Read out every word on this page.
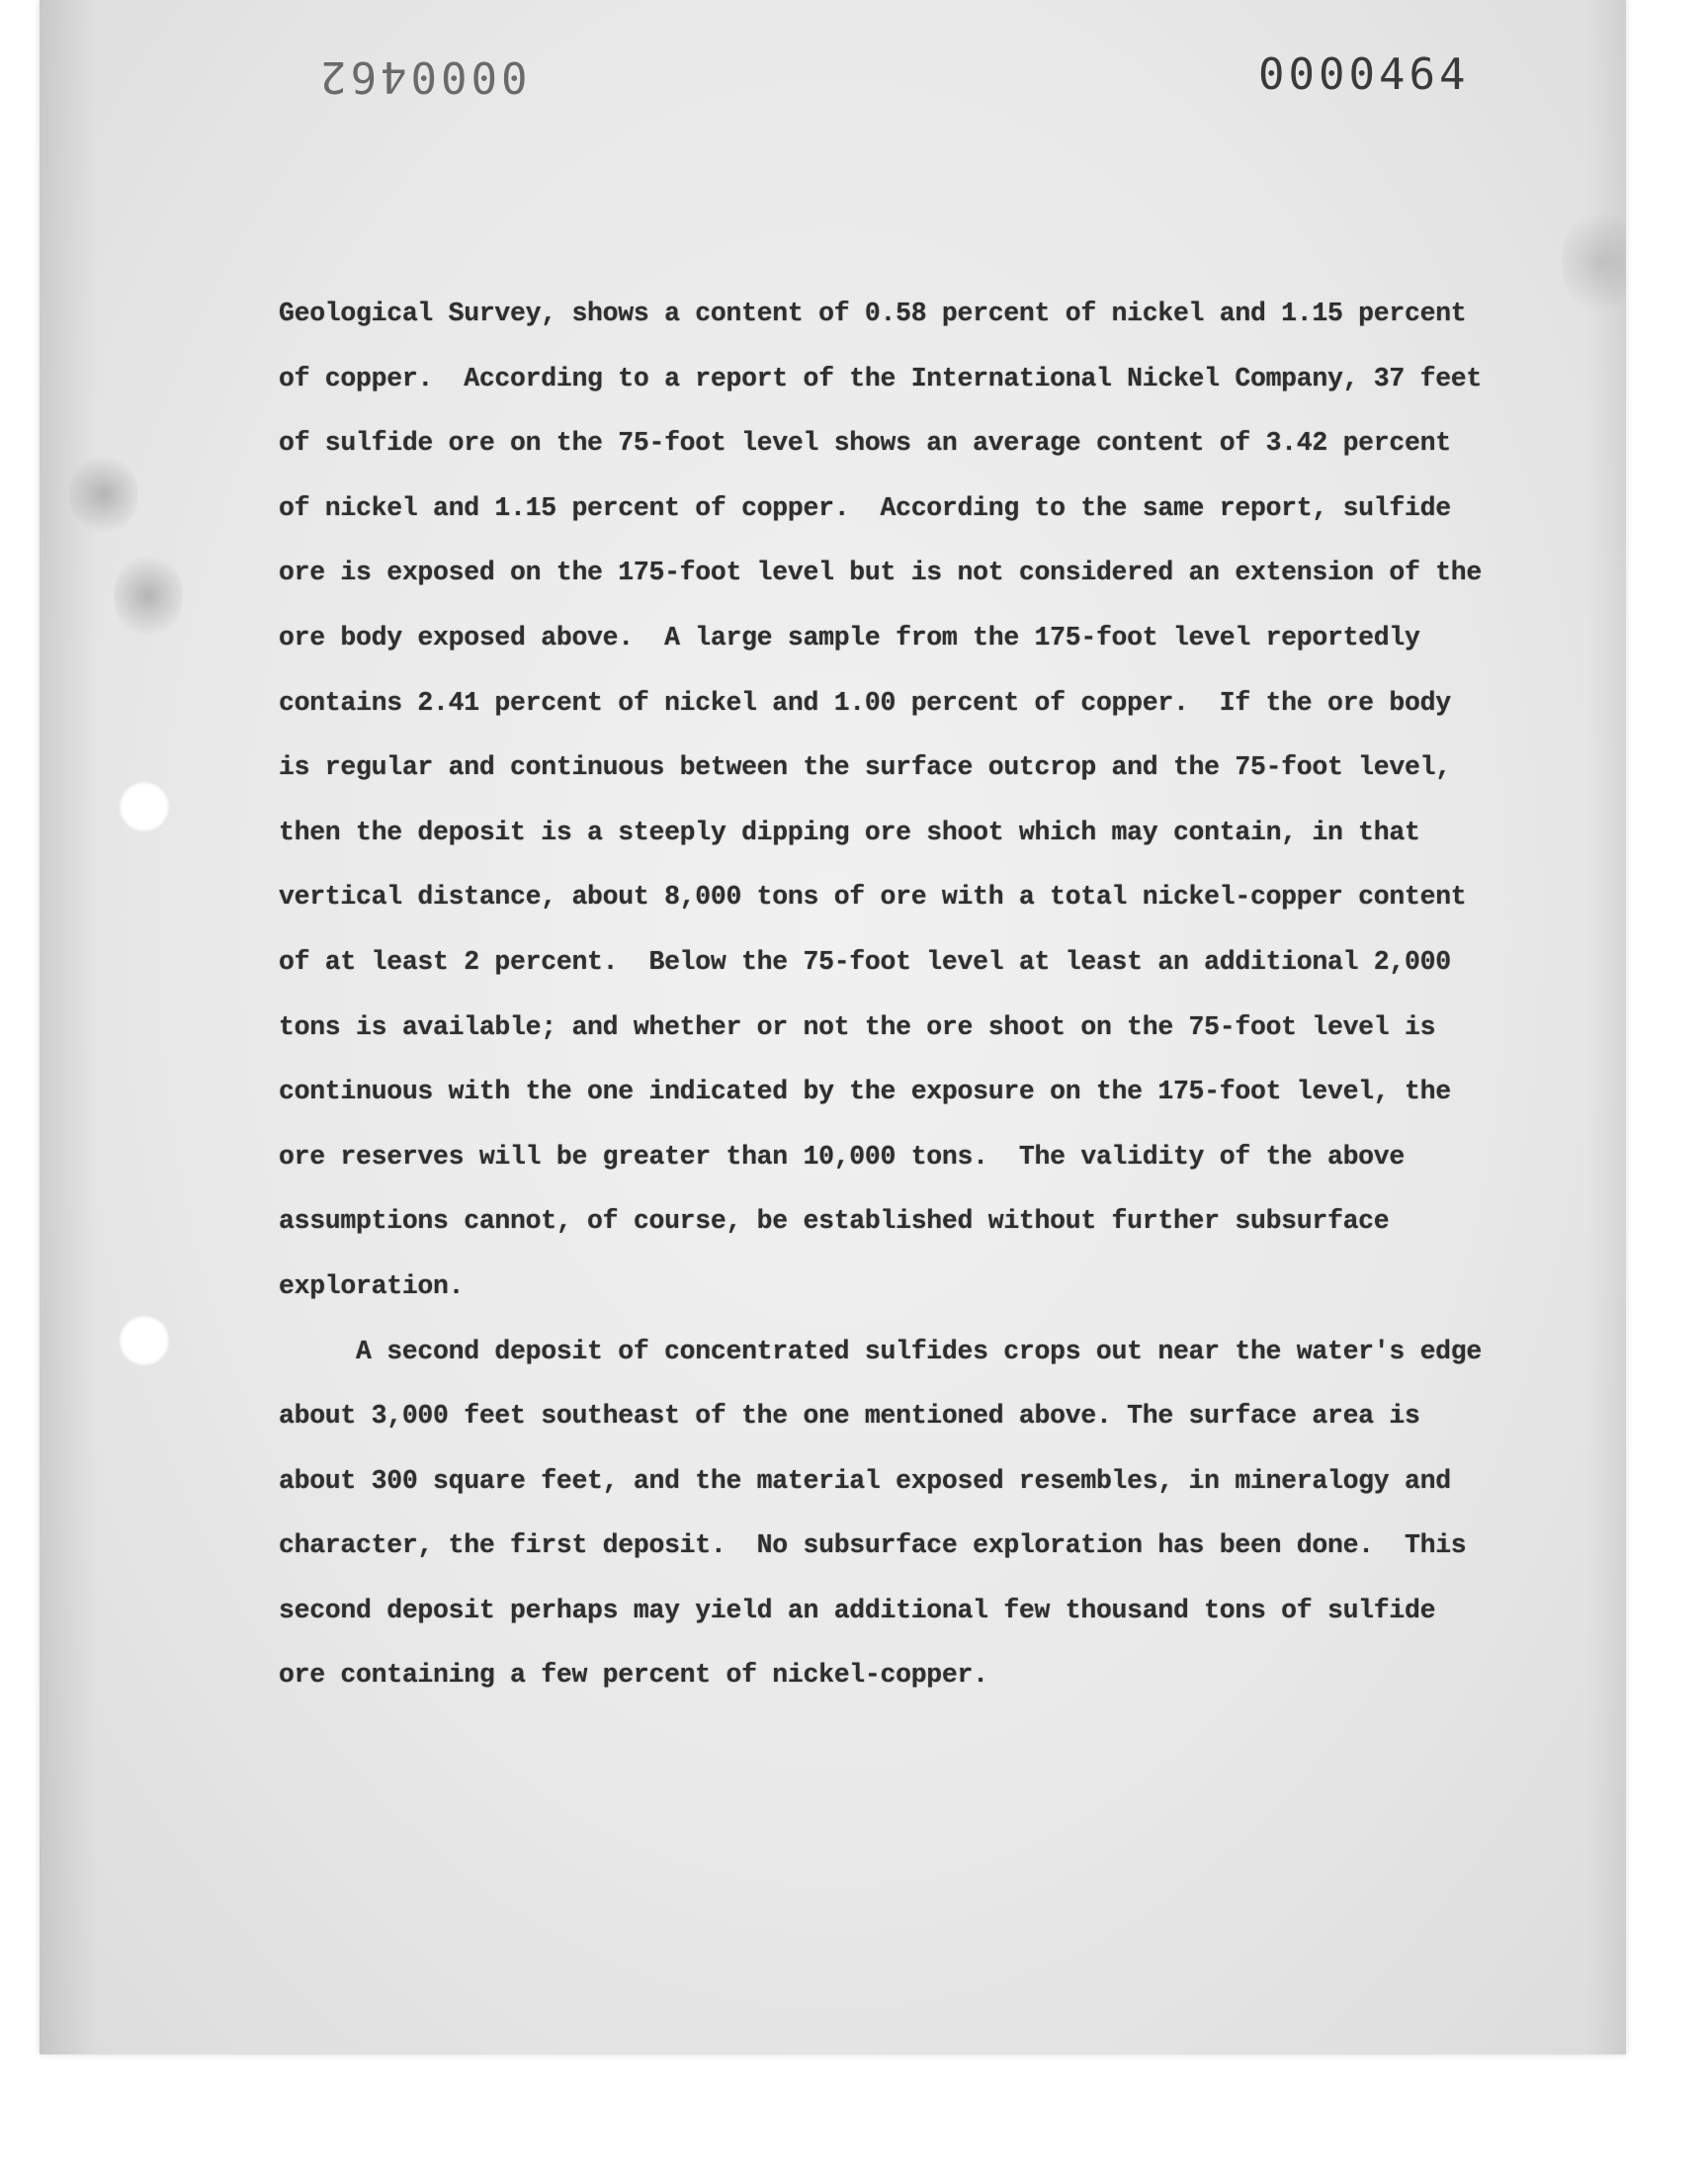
0000462	0000464

Geological Survey, shows a content of 0.58 percent of nickel and 1.15 percent of copper.  According to a report of the International Nickel Company, 37 feet of sulfide ore on the 75-foot level shows an average content of 3.42 percent of nickel and 1.15 percent of copper.  According to the same report, sulfide ore is exposed on the 175-foot level but is not considered an extension of the ore body exposed above.  A large sample from the 175-foot level reportedly contains 2.41 percent of nickel and 1.00 percent of copper.  If the ore body is regular and continuous between the surface outcrop and the 75-foot level, then the deposit is a steeply dipping ore shoot which may contain, in that vertical distance, about 8,000 tons of ore with a total nickel-copper content of at least 2 percent.  Below the 75-foot level at least an additional 2,000 tons is available; and whether or not the ore shoot on the 75-foot level is continuous with the one indicated by the exposure on the 175-foot level, the ore reserves will be greater than 10,000 tons.  The validity of the above assumptions cannot, of course, be established without further subsurface exploration.

A second deposit of concentrated sulfides crops out near the water's edge about 3,000 feet southeast of the one mentioned above. The surface area is about 300 square feet, and the material exposed resembles, in mineralogy and character, the first deposit.  No subsurface exploration has been done.  This second deposit perhaps may yield an additional few thousand tons of sulfide ore containing a few percent of nickel-copper.
